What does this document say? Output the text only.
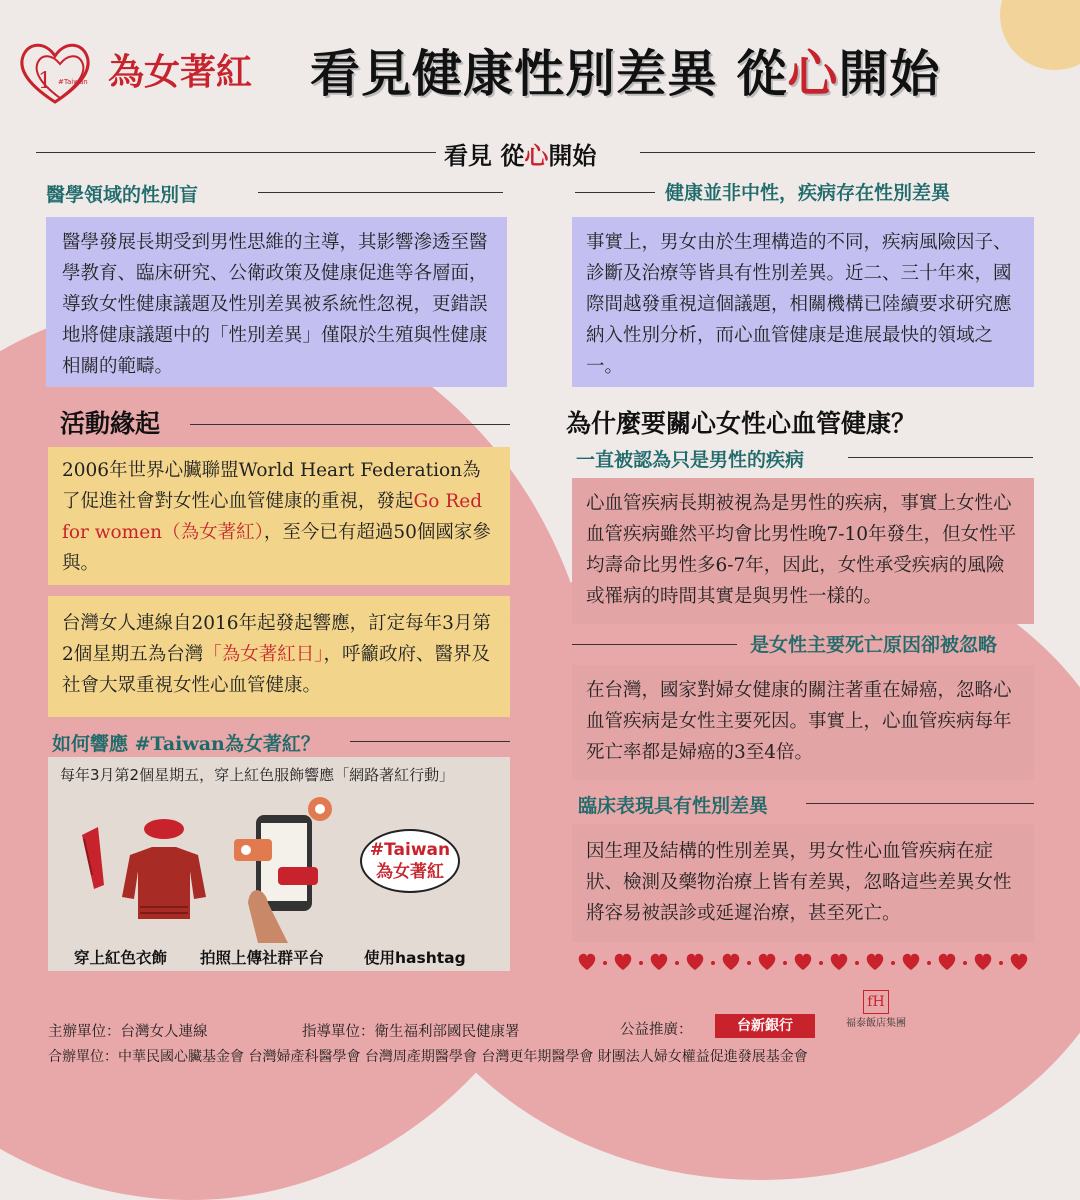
1 #Taiwan 為女著紅 看見健康性別差異 從心開始
看見 從心開始
醫學領域的性別盲
醫學發展長期受到男性思維的主導，其影響滲透至醫學教育、臨床研究、公衛政策及健康促進等各層面，導致女性健康議題及性別差異被系統性忽視，更錯誤地將健康議題中的「性別差異」僅限於生殖與性健康相關的範疇。
活動緣起
2006年世界心臟聯盟World Heart Federation為了促進社會對女性心血管健康的重視，發起Go Red for women（為女著紅），至今已有超過50個國家參與。
台灣女人連線自2016年起發起響應，訂定每年3月第2個星期五為台灣「為女著紅日」，呼籲政府、醫界及社會大眾重視女性心血管健康。
如何響應 #Taiwan為女著紅？
每年3月第2個星期五，穿上紅色服飾響應「網路著紅行動」
#Taiwan
為女著紅
穿上紅色衣飾 拍照上傳社群平台	使用hashtag
健康並非中性，疾病存在性別差異
事實上，男女由於生理構造的不同，疾病風險因子、診斷及治療等皆具有性別差異。近二、三十年來，國際間越發重視這個議題，相關機構已陸續要求研究應納入性別分析，而心血管健康是進展最快的領域之一。
為什麼要關心女性心血管健康？
一直被認為只是男性的疾病
心血管疾病長期被視為是男性的疾病，事實上女性心血管疾病雖然平均會比男性晚7-10年發生，但女性平均壽命比男性多6-7年，因此，女性承受疾病的風險或罹病的時間其實是與男性一樣的。
是女性主要死亡原因卻被忽略
在台灣，國家對婦女健康的關注著重在婦癌，忽略心血管疾病是女性主要死因。事實上，心血管疾病每年死亡率都是婦癌的3至4倍。
臨床表現具有性別差異
因生理及結構的性別差異，男女性心血管疾病在症狀、檢測及藥物治療上皆有差異，忽略這些差異女性將容易被誤診或延遲治療，甚至死亡。
主辦單位：台灣女人連線	指導單位：衛生福利部國民健康署	公益推廣：	台新銀行
fH
福泰飯店集團
合辦單位：中華民國心臟基金會 台灣婦產科醫學會 台灣周產期醫學會 台灣更年期醫學會 財團法人婦女權益促進發展基金會
